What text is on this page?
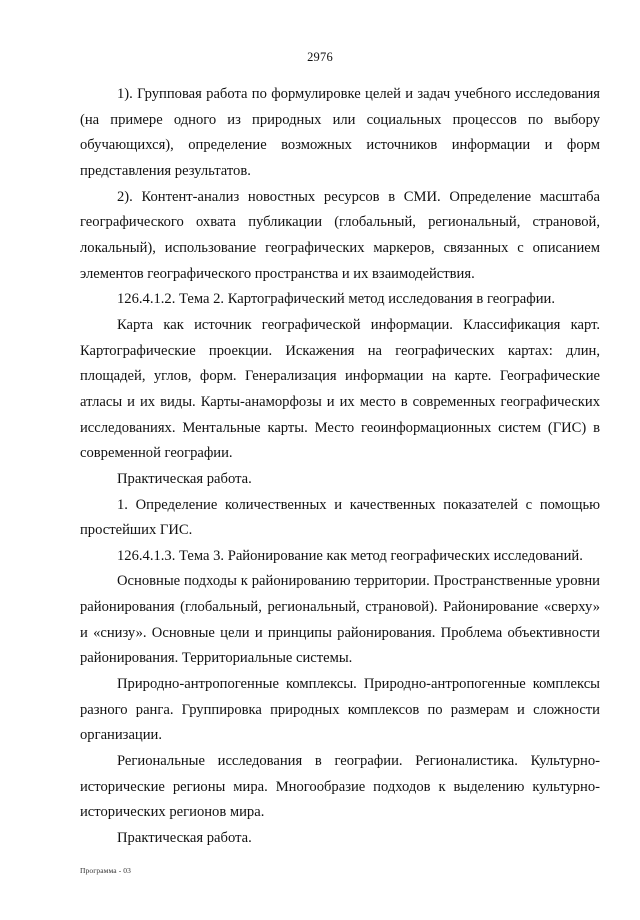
2976

1). Групповая работа по формулировке целей и задач учебного исследования (на примере одного из природных или социальных процессов по выбору обучающихся), определение возможных источников информации и форм представления результатов.

2). Контент-анализ новостных ресурсов в СМИ. Определение масштаба географического охвата публикации (глобальный, региональный, страновой, локальный), использование географических маркеров, связанных с описанием элементов географического пространства и их взаимодействия.

126.4.1.2. Тема 2. Картографический метод исследования в географии.

Карта как источник географической информации. Классификация карт. Картографические проекции. Искажения на географических картах: длин, площадей, углов, форм. Генерализация информации на карте. Географические атласы и их виды. Карты-анаморфозы и их место в современных географических исследованиях. Ментальные карты. Место геоинформационных систем (ГИС) в современной географии.

Практическая работа.

1. Определение количественных и качественных показателей с помощью простейших ГИС.

126.4.1.3. Тема 3. Районирование как метод географических исследований.

Основные подходы к районированию территории. Пространственные уровни районирования (глобальный, региональный, страновой). Районирование «сверху» и «снизу». Основные цели и принципы районирования. Проблема объективности районирования. Территориальные системы.

Природно-антропогенные комплексы. Природно-антропогенные комплексы разного ранга. Группировка природных комплексов по размерам и сложности организации.

Региональные исследования в географии. Регионалистика. Культурно-исторические регионы мира. Многообразие подходов к выделению культурно-исторических регионов мира.

Практическая работа.

Программа - 03
